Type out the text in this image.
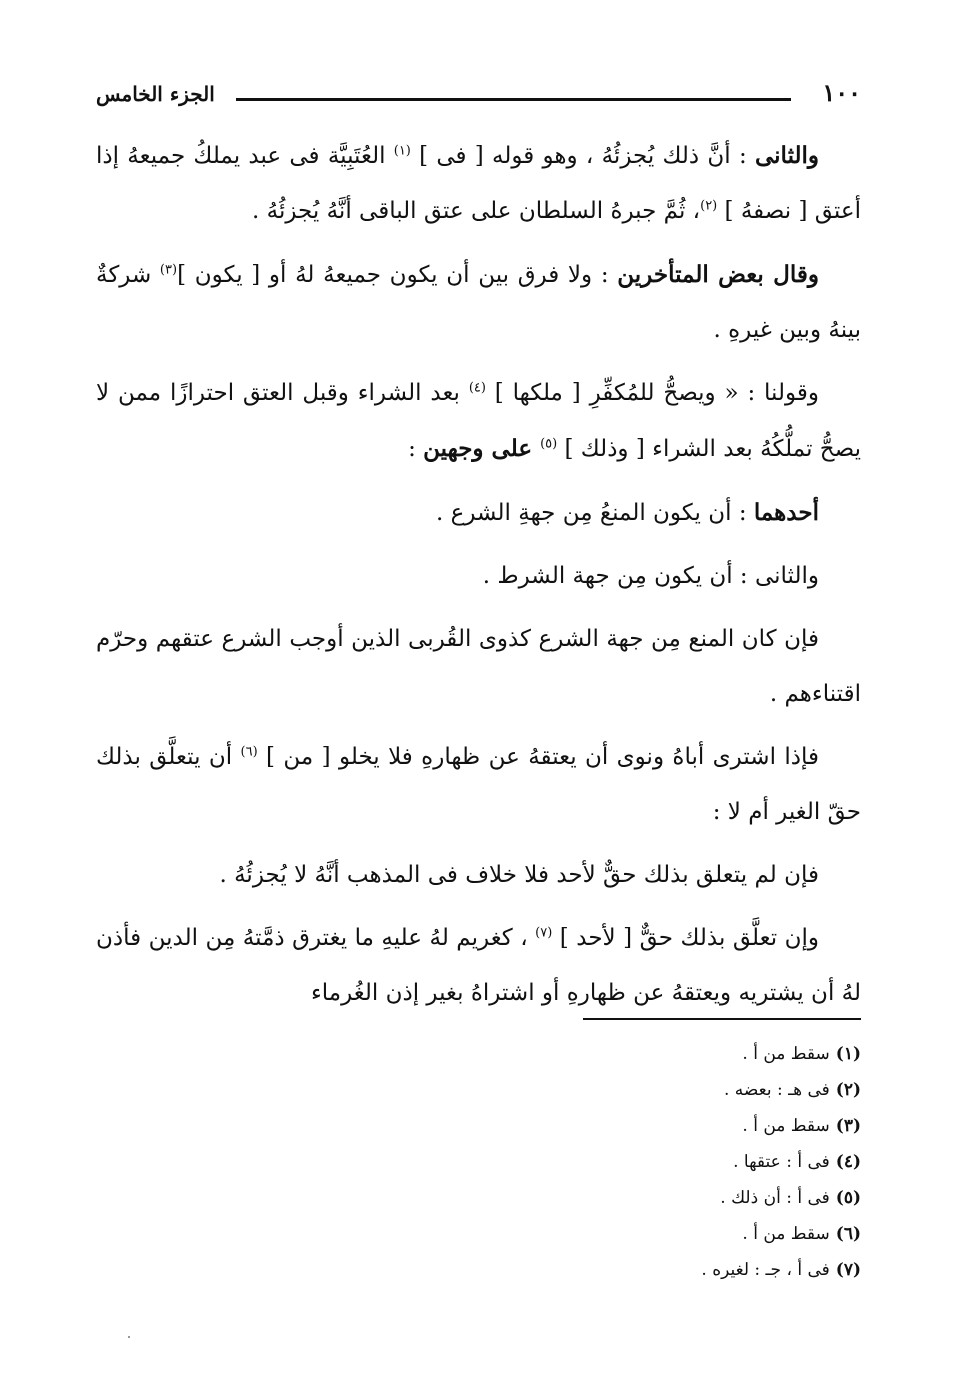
١٠٠
الجزء الخامس

والثانى : أنَّ ذلك يُجزئُهُ ، وهو قوله [ فى ] $^{(١)}$ العُتَبِيَّة فى عبد يملكُ جميعهُ إذا أعتق [ نصفهُ ] $^{(٢)}$، ثُمَّ جبرهُ السلطان على عتق الباقى أنَّهُ يُجزئُهُ .

وقال بعض المتأخرين : ولا فرق بين أن يكون جميعهُ لهُ أو [ يكون ]$^{(٣)}$ شركةٌ بينهُ وبين غيرهِ .

وقولنا : « ويصحُّ للمُكفِّرِ [ ملكها ] $^{(٤)}$ بعد الشراء وقبل العتق احترازًا ممن لا يصحُّ تملُّكُهُ بعد الشراء [ وذلك ] $^{(٥)}$ على وجهين :

أحدهما : أن يكون المنعُ مِن جهةِ الشرع .

والثانى : أن يكون مِن جهة الشرط .

فإن كان المنع مِن جهة الشرع كذوى القُربى الذين أوجب الشرع عتقهم وحرّم اقتناءهم .

فإذا اشترى أباهُ ونوى أن يعتقهُ عن ظهارهِ فلا يخلو [ من ] $^{(٦)}$ أن يتعلَّق بذلك حقّ الغير أم لا :

فإن لم يتعلق بذلك حقٌّ لأحد فلا خلاف فى المذهب أنَّهُ لا يُجزئُهُ .

وإن تعلَّق بذلك حقٌّ [ لأحد ] $^{(٧)}$ ، كغريم لهُ عليهِ ما يغترق ذمَّتهُ مِن الدين فأذن لهُ أن يشتريه ويعتقهُ عن ظهارهِ أو اشتراهُ بغير إذن الغُرماء

(١)سقط من أ .
(٢)فى هـ : بعضه .
(٣)سقط من أ .
(٤)فى أ : عتقها .
(٥)فى أ : أن ذلك .
(٦)سقط من أ .
(٧)فى أ ، جـ : لغيره .
